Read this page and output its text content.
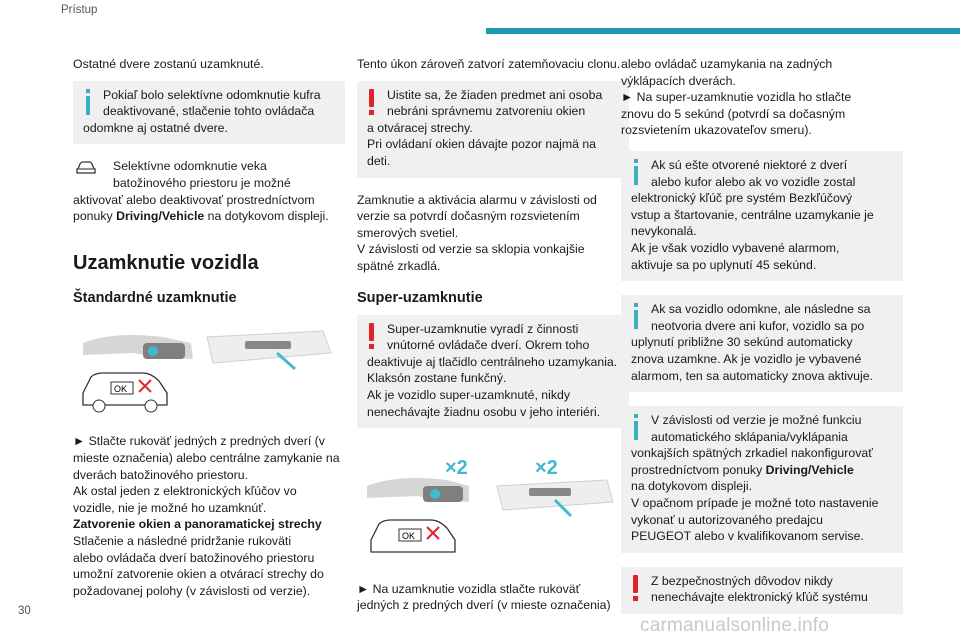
Prístup

Ostatné dvere zostanú uzamknuté.

Pokiaľ bolo selektívne odomknutie kufra

deaktivované, stlačenie tohto ovládača

odomkne aj ostatné dvere.

Selektívne odomknutie veka

batožinového priestoru je možné

aktivovať alebo deaktivovať prostredníctvom

ponuky Driving/Vehicle na dotykovom displeji.

Uzamknutie vozidla
Štandardné uzamknutie
OK

► Stlačte rukoväť jedných z predných dverí (v

mieste označenia) alebo centrálne zamykanie na

dverách batožinového priestoru.

Ak ostal jeden z elektronických kľúčov vo

vozidle, nie je možné ho uzamknúť.

Zatvorenie okien a panoramatickej strechy

Stlačenie a následné pridržanie rukoväti

alebo ovládača dverí batožinového priestoru

umožní zatvorenie okien a otvárací strechy do

požadovanej polohy (v závislosti od verzie).

Tento úkon zároveň zatvorí zatemňovaciu clonu.

Uistite sa, že žiaden predmet ani osoba

nebráni správnemu zatvoreniu okien

a otváracej strechy.

Pri ovládaní okien dávajte pozor najmä na

deti.

Zamknutie a aktivácia alarmu v závislosti od

verzie sa potvrdí dočasným rozsvietením

smerových svetiel.

V závislosti od verzie sa sklopia vonkajšie

spätné zrkadlá.

Super-uzamknutie

Super-uzamknutie vyradí z činnosti

vnútorné ovládače dverí. Okrem toho

deaktivuje aj tlačidlo centrálneho uzamykania.

Klaksón zostane funkčný.

Ak je vozidlo super-uzamknuté, nikdy

nenechávajte žiadnu osobu v jeho interiéri.

×2	×2
OK

► Na uzamknutie vozidla stlačte rukoväť

jedných z predných dverí (v mieste označenia)

alebo ovládač uzamykania na zadných

výklápacích dverách.

► Na super-uzamknutie vozidla ho stlačte

znovu do 5 sekúnd (potvrdí sa dočasným

rozsvietením ukazovateľov smeru).

Ak sú ešte otvorené niektoré z dverí

alebo kufor alebo ak vo vozidle zostal

elektronický kľúč pre systém Bezkľúčový

vstup a štartovanie, centrálne uzamykanie je

nevykonalá.

Ak je však vozidlo vybavené alarmom,

aktivuje sa po uplynutí 45 sekúnd.

Ak sa vozidlo odomkne, ale následne sa

neotvoria dvere ani kufor, vozidlo sa po

uplynutí približne 30 sekúnd automaticky

znova uzamkne. Ak je vozidlo je vybavené

alarmom, ten sa automaticky znova aktivuje.

V závislosti od verzie je možné funkciu

automatického sklápania/vyklápania

vonkajších spätných zrkadiel nakonfigurovať

prostredníctvom ponuky Driving/Vehicle

na dotykovom displeji.

V opačnom prípade je možné toto nastavenie

vykonať u autorizovaného predajcu

PEUGEOT alebo v kvalifikovanom servise.

Z bezpečnostných dôvodov nikdy

nenechávajte elektronický kľúč systému

30
carmanualsonline.info
